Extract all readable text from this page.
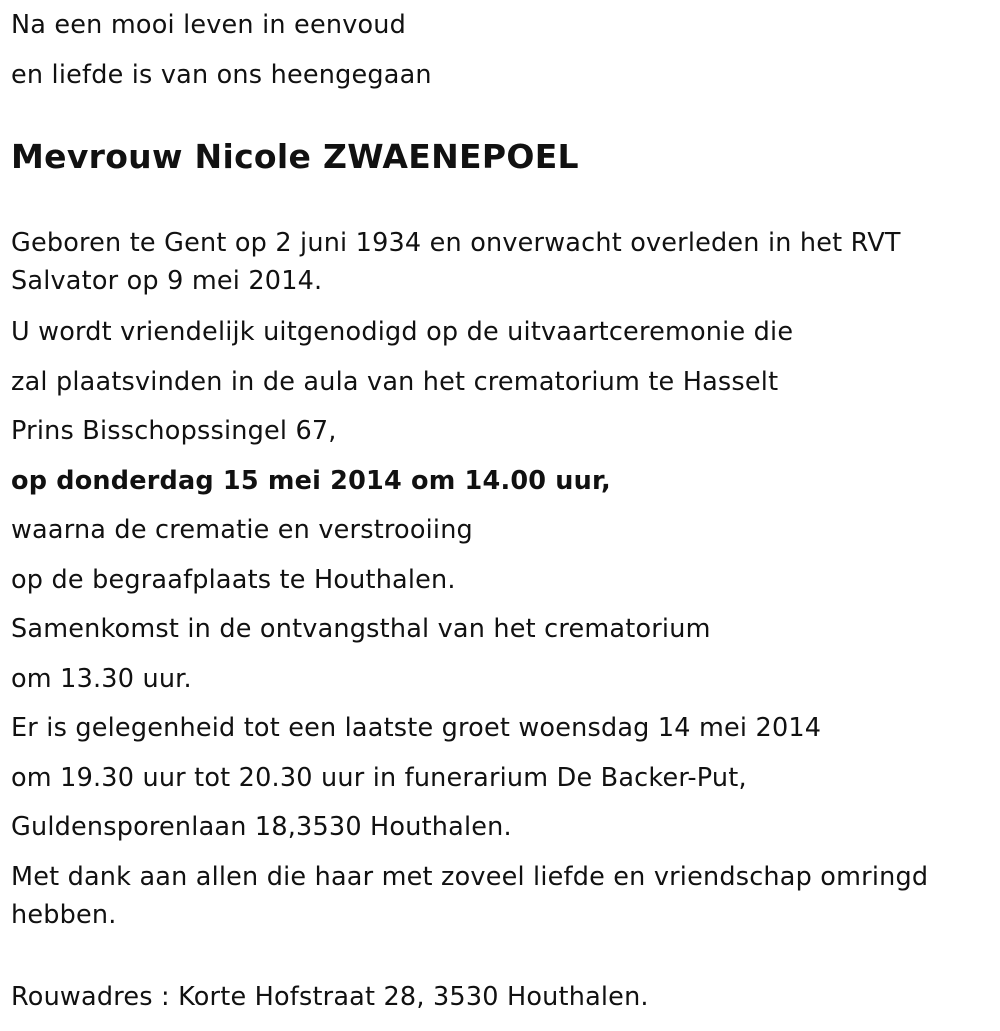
Na een mooi leven in eenvoud
en liefde is van ons heengegaan
Mevrouw Nicole ZWAENEPOEL
Geboren te Gent op 2 juni 1934 en onverwacht overleden in het RVT Salvator op 9 mei 2014.
U wordt vriendelijk uitgenodigd op de uitvaartceremonie die
zal plaatsvinden in de aula van het crematorium te Hasselt
Prins Bisschopssingel 67,
op donderdag 15 mei 2014 om 14.00 uur,
waarna de crematie en verstrooiing
op de begraafplaats te Houthalen.
Samenkomst in de ontvangsthal van het crematorium
om 13.30 uur.
Er is gelegenheid tot een laatste groet woensdag 14 mei 2014
om 19.30 uur tot 20.30 uur in funerarium De Backer-Put,
Guldensporenlaan 18,3530 Houthalen.
Met dank aan allen die haar met zoveel liefde en vriendschap omringd hebben.
Rouwadres : Korte Hofstraat 28, 3530 Houthalen.
